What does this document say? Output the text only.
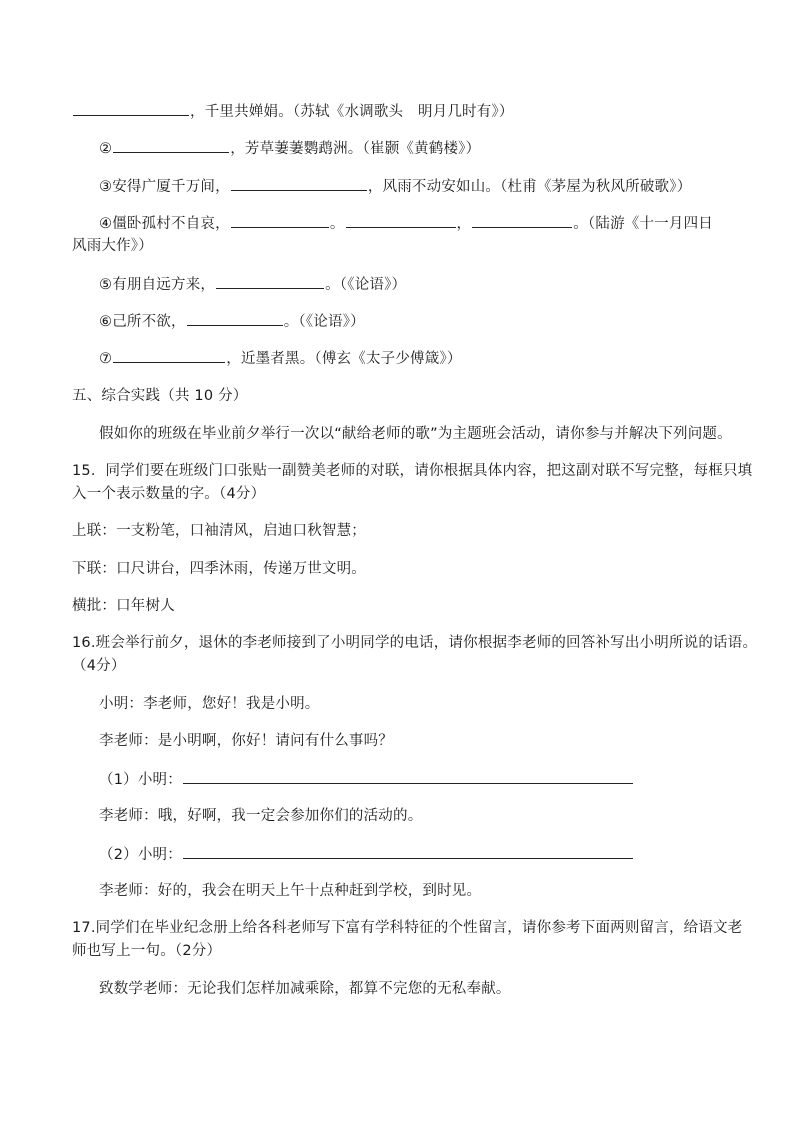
，千里共婵娟。（苏轼《水调歌头　明月几时有》）
②	，芳草萋萋鹦鹉洲。（崔颢《黄鹤楼》）
③安得广厦千万间，	，风雨不动安如山。（杜甫《茅屋为秋风所破歌》）
④僵卧孤村不自哀，	。	，	。（陆游《十一月四日
风雨大作》）
⑤有朋自远方来，	。（《论语》）
⑥己所不欲，	。（《论语》）
⑦	，近墨者黑。（傅玄《太子少傅箴》）
五、综合实践（共 10 分）
假如你的班级在毕业前夕举行一次以“献给老师的歌”为主题班会活动，请你参与并解决下列问题。
15．同学们要在班级门口张贴一副赞美老师的对联，请你根据具体内容，把这副对联不写完整，每框只填
入一个表示数量的字。（4分）
上联：一支粉笔，口袖清风，启迪口秋智慧；
下联：口尺讲台，四季沐雨，传递万世文明。
横批：口年树人
16.班会举行前夕，退休的李老师接到了小明同学的电话，请你根据李老师的回答补写出小明所说的话语。
（4分）
小明：李老师，您好！我是小明。
李老师：是小明啊，你好！请问有什么事吗？
（1）小明：
李老师：哦，好啊，我一定会参加你们的活动的。
（2）小明：
李老师：好的，我会在明天上午十点种赶到学校，到时见。
17.同学们在毕业纪念册上给各科老师写下富有学科特征的个性留言，请你参考下面两则留言，给语文老
师也写上一句。（2分）
致数学老师：无论我们怎样加减乘除，都算不完您的无私奉献。
